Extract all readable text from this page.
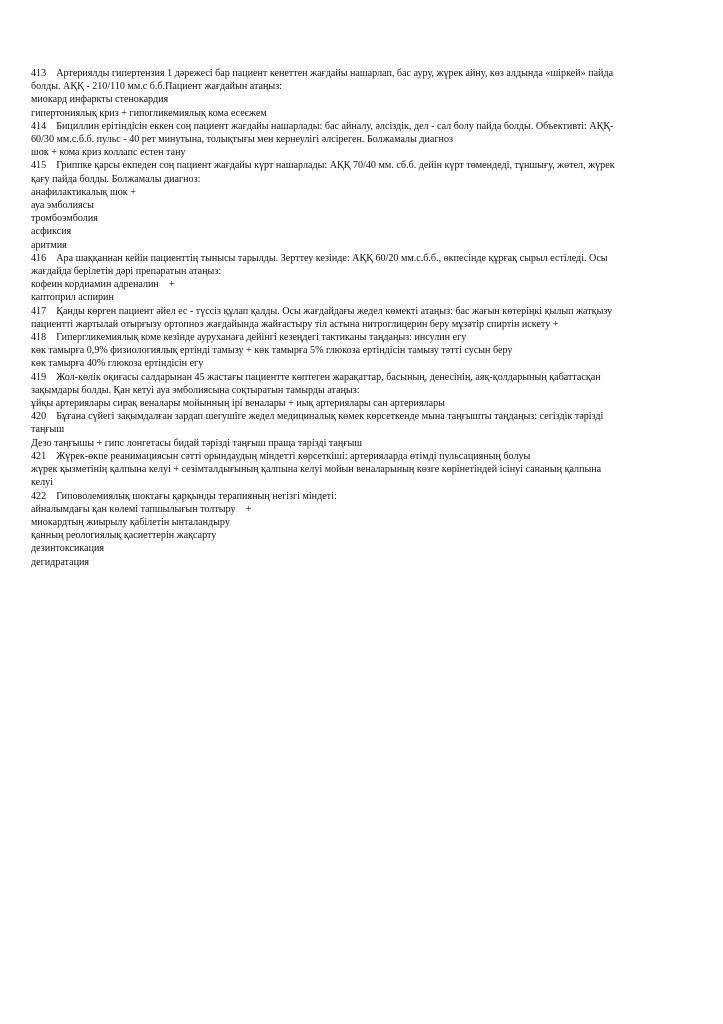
413    Артериялды гипертензия 1 дәрежесі бар пациент кенеттен жағдайы нашарлап, бас ауру, жүрек айну, көз алдында «шіркей» пайда
болды. АҚҚ - 210/110 мм.с б.б.Пациент жағдайын атаңыз:
миокард инфаркты стенокардия
гипертониялық криз + гипогликемиялық кома есеєжем
414    Бициллин ерітіндісін еккен соң пациент жағдайы нашарлады: бас айналу, әлсіздік, дел - сал болу пайда болды. Объективті: АҚҚ-
60/30 мм.с.б.б. пульс - 40 рет минутына, толықтығы мен кернеулігі әлсіреген. Болжамалы диагноз
шок + кома криз коллапс естен тану
415    Гриппке қарсы екпеден соң пациент жағдайы күрт нашарлады: АҚҚ 70/40 мм. сб.б. дейін күрт төмендеді, тұншығу, жөтел, жүрек
қағу пайда болды. Болжамалы диагноз:
анафилактикалық шок +
ауа эмболиясы
тромбоэмболия
асфиксия
аритмия
416    Ара шаққаннан кейін пациенттің тынысы тарылды. Зерттеу кезінде: АҚҚ 60/20 мм.с.б.б., өкпесінде құрғақ сырыл естіледі. Осы
жағдайда берілетін дәрі препаратын атаңыз:
кофеин кордиамин адреналин    +
каптоприл аспирин
417    Қанды көрген пациент әйел ес - түссіз құлап қалды. Осы жағдайдағы жедел көмекті атаңыз: бас жағын көтеріңкі қылып жатқызу
пациентті жартылай отырғызу ортопноэ жағдайында жайғастыру тіл астына нитроглицерин беру мұзәтір спиртін искету +
418    Гипергликемиялық коме кезінде ауруханаға дейінгі кезеңдегі тактиканы таңдаңыз: инсулин егу
көк тамырға 0,9% физиологиялық ертінді тамызу + көк тамырға 5% глюкоза ертіндісін тамызу тәтті сусын беру
көк тамырға 40% глюкоза ертіндісін егу
419    Жол-көлік оқиғасы салдарынан 45 жастағы пациентте көптеген жарақаттар, басының, денесінің, аяқ-қолдарының қабаттасқан
зақымдары болды. Қан кетуі ауа эмболиясына соқтыратын тамырды атаңыз:
ұйқы артериялары сирақ веналары мойынның ірі веналары + иық артериялары сан артериялары
420    Бұғана сүйегі зақымдалған зардап шегушіге жедел медициналық көмек көрсеткенде мына таңғышты таңдаңыз: сегіздік тәрізді
таңғыш
Дезо таңғышы + гипс лонгетасы бидай тәрізді таңғыш праща тәрізді таңғыш
421    Жүрек-өкпе реанимациясын сәтті орындаудың міндетті көрсеткіші: артерияларда өтімді пульсацияның болуы
жүрек қызметінің қалпына келуі + сезімталдығының қалпына келуі мойын веналарының көзге көрінетіндей ісінуі сананың қалпына
келуі
422    Гиповолемиялық шоктағы қарқынды терапияның негізгі міндеті:
айналымдағы қан көлемі тапшылығын толтыру    +
миокардтың жиырылу қабілетін ынталандыру
қанның реологиялық қасиеттерін жақсарту
дезинтоксикация
дегидратация
